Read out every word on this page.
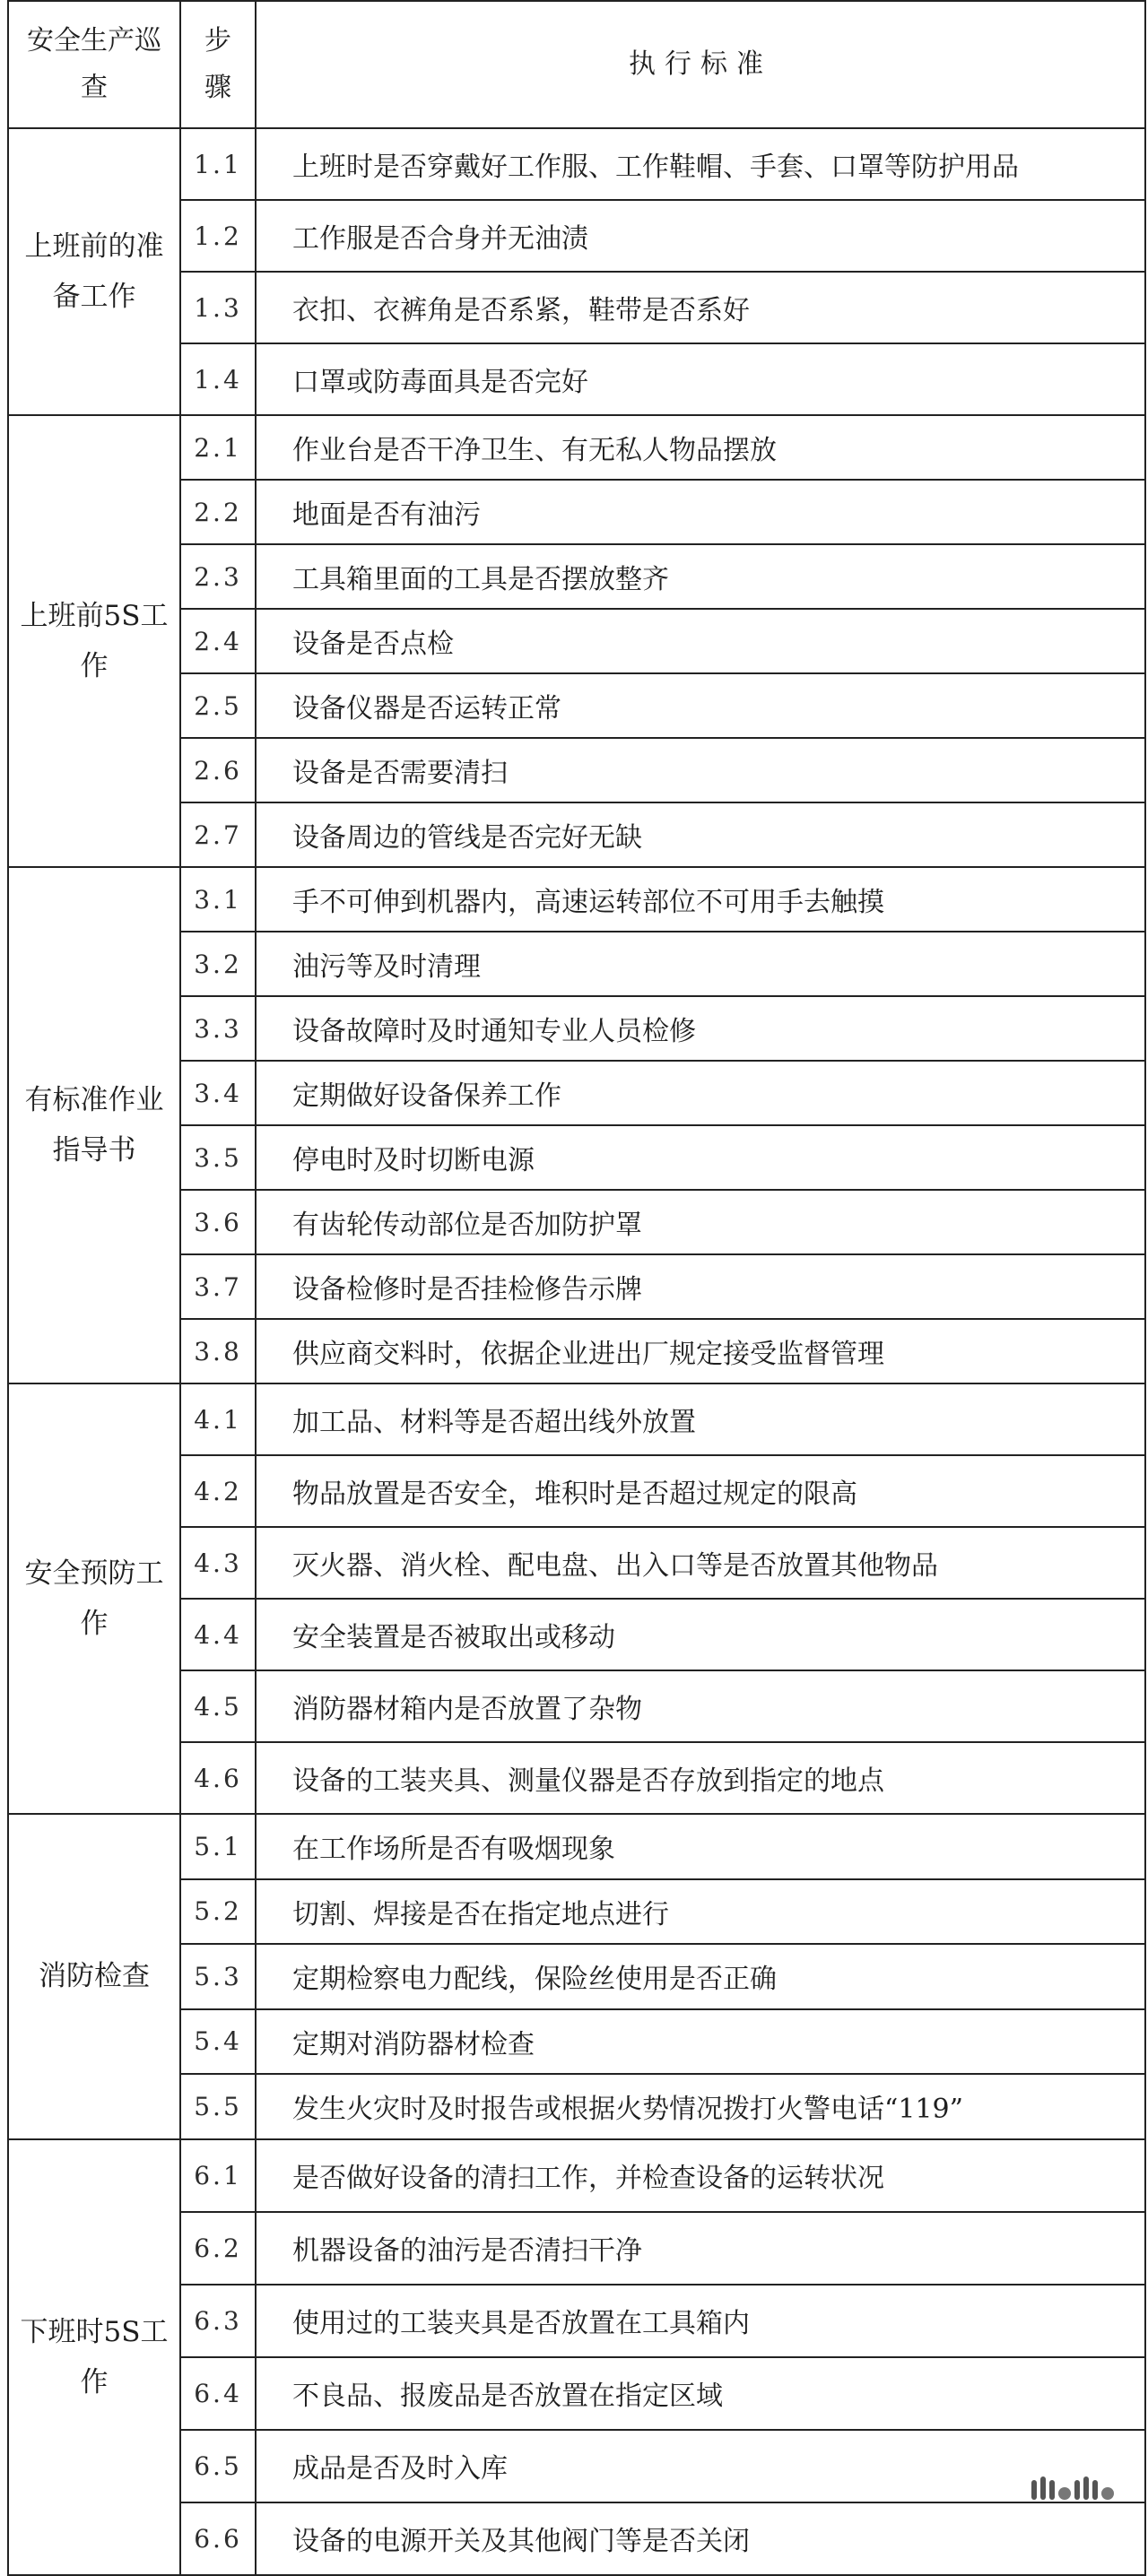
安全生产巡查	步骤	执行标准
上班前的准备工作	1.1	上班时是否穿戴好工作服、工作鞋帽、手套、口罩等防护用品
	1.2	工作服是否合身并无油渍
	1.3	衣扣、衣裤角是否系紧，鞋带是否系好
	1.4	口罩或防毒面具是否完好
上班前5S工作	2.1	作业台是否干净卫生、有无私人物品摆放
	2.2	地面是否有油污
	2.3	工具箱里面的工具是否摆放整齐
	2.4	设备是否点检
	2.5	设备仪器是否运转正常
	2.6	设备是否需要清扫
	2.7	设备周边的管线是否完好无缺
有标准作业指导书	3.1	手不可伸到机器内，高速运转部位不可用手去触摸
	3.2	油污等及时清理
	3.3	设备故障时及时通知专业人员检修
	3.4	定期做好设备保养工作
	3.5	停电时及时切断电源
	3.6	有齿轮传动部位是否加防护罩
	3.7	设备检修时是否挂检修告示牌
	3.8	供应商交料时，依据企业进出厂规定接受监督管理
安全预防工作	4.1	加工品、材料等是否超出线外放置
	4.2	物品放置是否安全，堆积时是否超过规定的限高
	4.3	灭火器、消火栓、配电盘、出入口等是否放置其他物品
	4.4	安全装置是否被取出或移动
	4.5	消防器材箱内是否放置了杂物
	4.6	设备的工装夹具、测量仪器是否存放到指定的地点
消防检查	5.1	在工作场所是否有吸烟现象
	5.2	切割、焊接是否在指定地点进行
	5.3	定期检察电力配线，保险丝使用是否正确
	5.4	定期对消防器材检查
	5.5	发生火灾时及时报告或根据火势情况拨打火警电话“119”
下班时5S工作	6.1	是否做好设备的清扫工作，并检查设备的运转状况
	6.2	机器设备的油污是否清扫干净
	6.3	使用过的工装夹具是否放置在工具箱内
	6.4	不良品、报废品是否放置在指定区域
	6.5	成品是否及时入库
	6.6	设备的电源开关及其他阀门等是否关闭
